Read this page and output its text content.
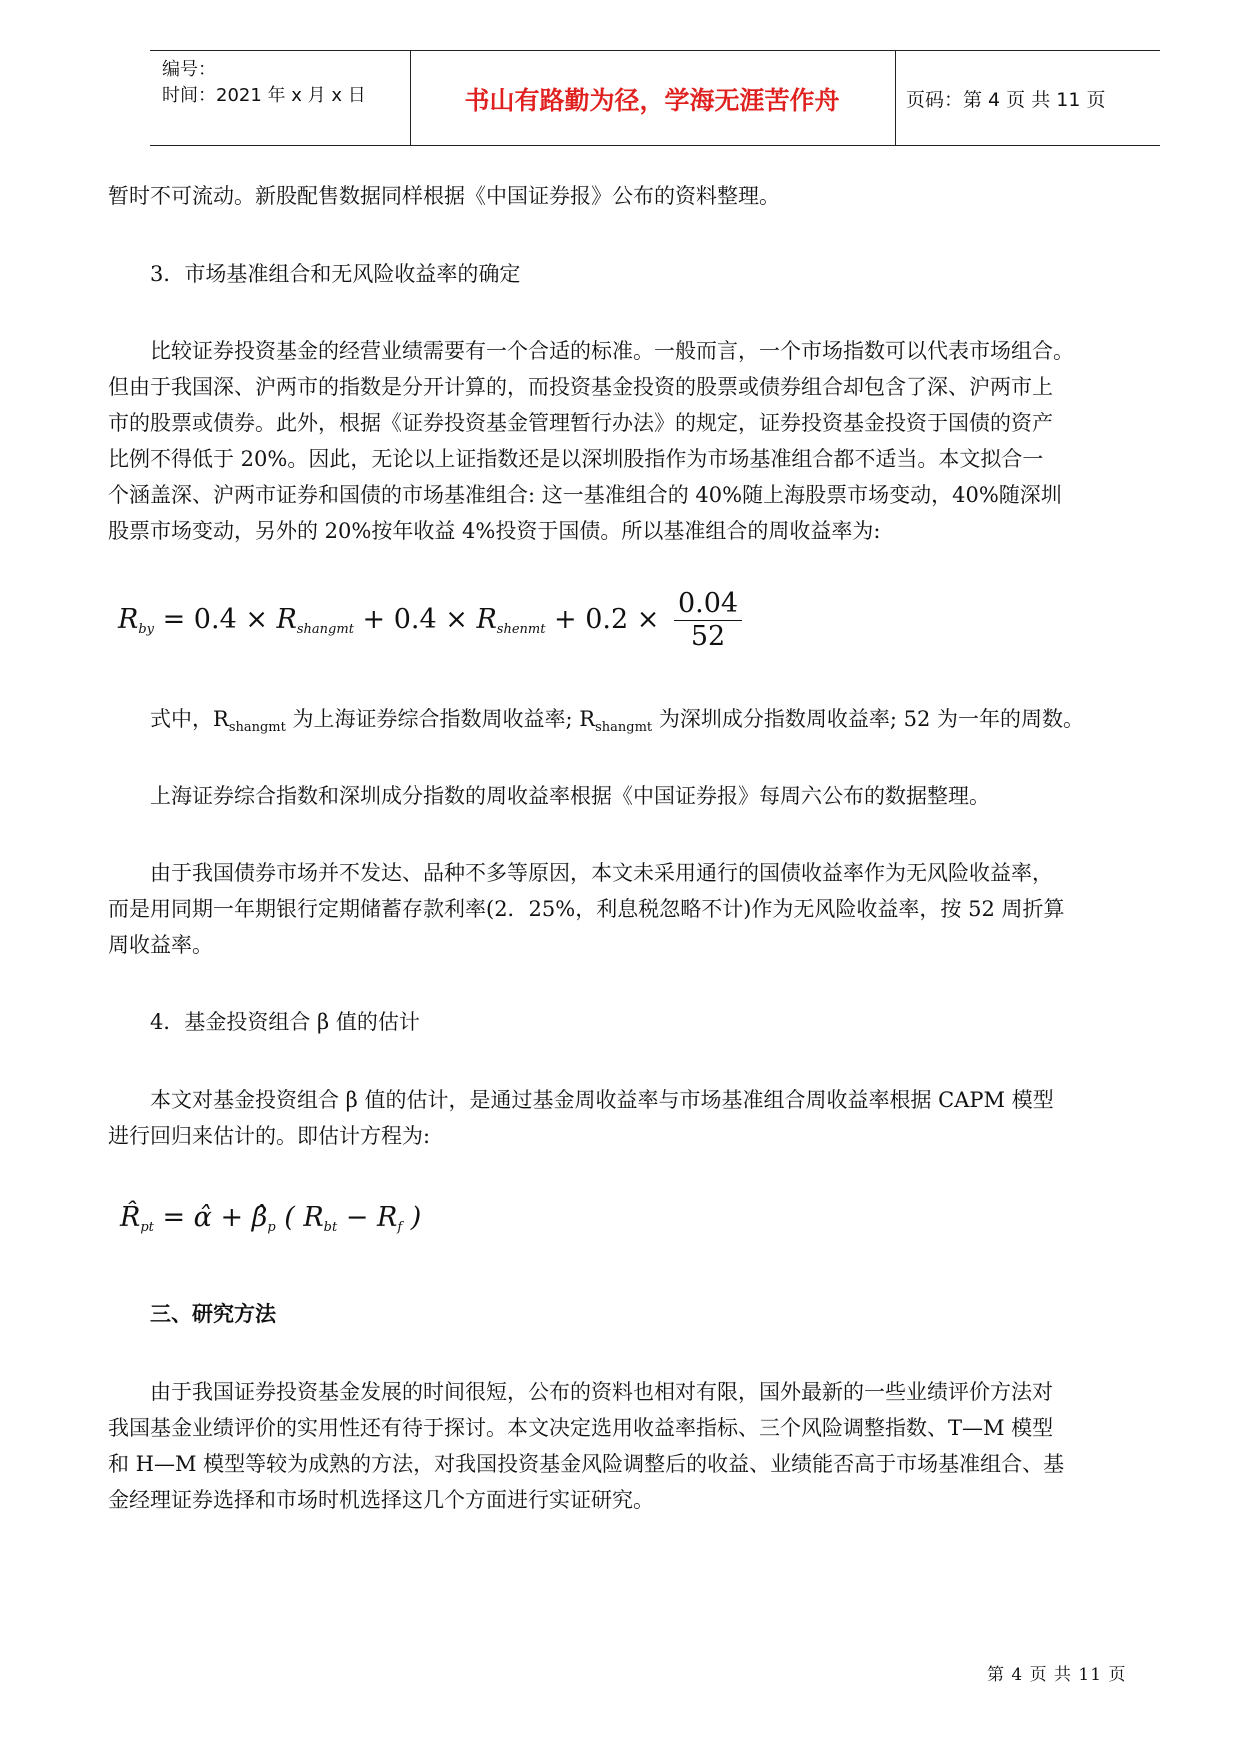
编号：
时间：2021 年 x 月 x 日	书山有路勤为径，学海无涯苦作舟	页码：第 4 页 共 11 页
暂时不可流动。新股配售数据同样根据《中国证券报》公布的资料整理。
3．市场基准组合和无风险收益率的确定
比较证券投资基金的经营业绩需要有一个合适的标准。一般而言，一个市场指数可以代表市场组合。
但由于我国深、沪两市的指数是分开计算的，而投资基金投资的股票或债券组合却包含了深、沪两市上
市的股票或债券。此外，根据《证券投资基金管理暂行办法》的规定，证券投资基金投资于国债的资产
比例不得低于 20%。因此，无论以上证指数还是以深圳股指作为市场基准组合都不适当。本文拟合一
个涵盖深、沪两市证券和国债的市场基准组合: 这一基准组合的 40%随上海股票市场变动，40%随深圳
股票市场变动，另外的 20%按年收益 4%投资于国债。所以基准组合的周收益率为:
$R_{by} = 0.4 \times R_{shangmt} + 0.4 \times R_{shenmt} + 0.2 \times \frac{0.04}{52}$
式中，$R_{shangmt}$ 为上海证券综合指数周收益率; $R_{shangmt}$ 为深圳成分指数周收益率; 52 为一年的周数。
上海证券综合指数和深圳成分指数的周收益率根据《中国证券报》每周六公布的数据整理。
由于我国债券市场并不发达、品种不多等原因，本文未采用通行的国债收益率作为无风险收益率，
而是用同期一年期银行定期储蓄存款利率(2．25%，利息税忽略不计)作为无风险收益率，按 52 周折算
周收益率。
4．基金投资组合 β 值的估计
本文对基金投资组合 β 值的估计，是通过基金周收益率与市场基准组合周收益率根据 CAPM 模型
进行回归来估计的。即估计方程为:
$R̂_{pt}$ = α̂ + $\betâ_p$ ( $R_{bt} - R_f$ )
三、研究方法
由于我国证券投资基金发展的时间很短，公布的资料也相对有限，国外最新的一些业绩评价方法对
我国基金业绩评价的实用性还有待于探讨。本文决定选用收益率指标、三个风险调整指数、T—M 模型
和 H—M 模型等较为成熟的方法，对我国投资基金风险调整后的收益、业绩能否高于市场基准组合、基
金经理证券选择和市场时机选择这几个方面进行实证研究。
第 4 页 共 11 页
